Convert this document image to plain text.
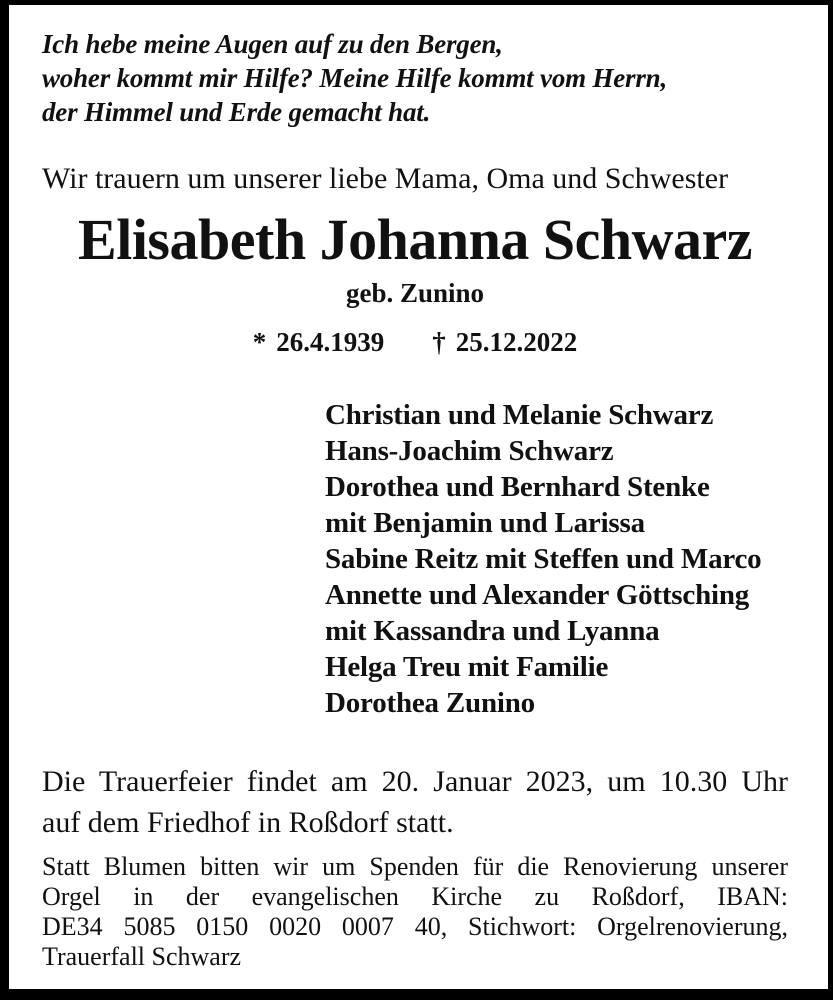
Ich hebe meine Augen auf zu den Bergen,
woher kommt mir Hilfe? Meine Hilfe kommt vom Herrn,
der Himmel und Erde gemacht hat.
Wir trauern um unserer liebe Mama, Oma und Schwester
Elisabeth Johanna Schwarz
geb. Zunino
* 26.4.1939 † 25.12.2022
Christian und Melanie Schwarz
Hans-Joachim Schwarz
Dorothea und Bernhard Stenke
mit Benjamin und Larissa
Sabine Reitz mit Steffen und Marco
Annette und Alexander Göttsching
mit Kassandra und Lyanna
Helga Treu mit Familie
Dorothea Zunino
Die Trauerfeier findet am 20. Januar 2023, um 10.30 Uhr
auf dem Friedhof in Roßdorf statt.
Statt Blumen bitten wir um Spenden für die Renovierung unserer
Orgel in der evangelischen Kirche zu Roßdorf, IBAN:
DE34 5085 0150 0020 0007 40, Stichwort: Orgelrenovierung,
Trauerfall Schwarz
